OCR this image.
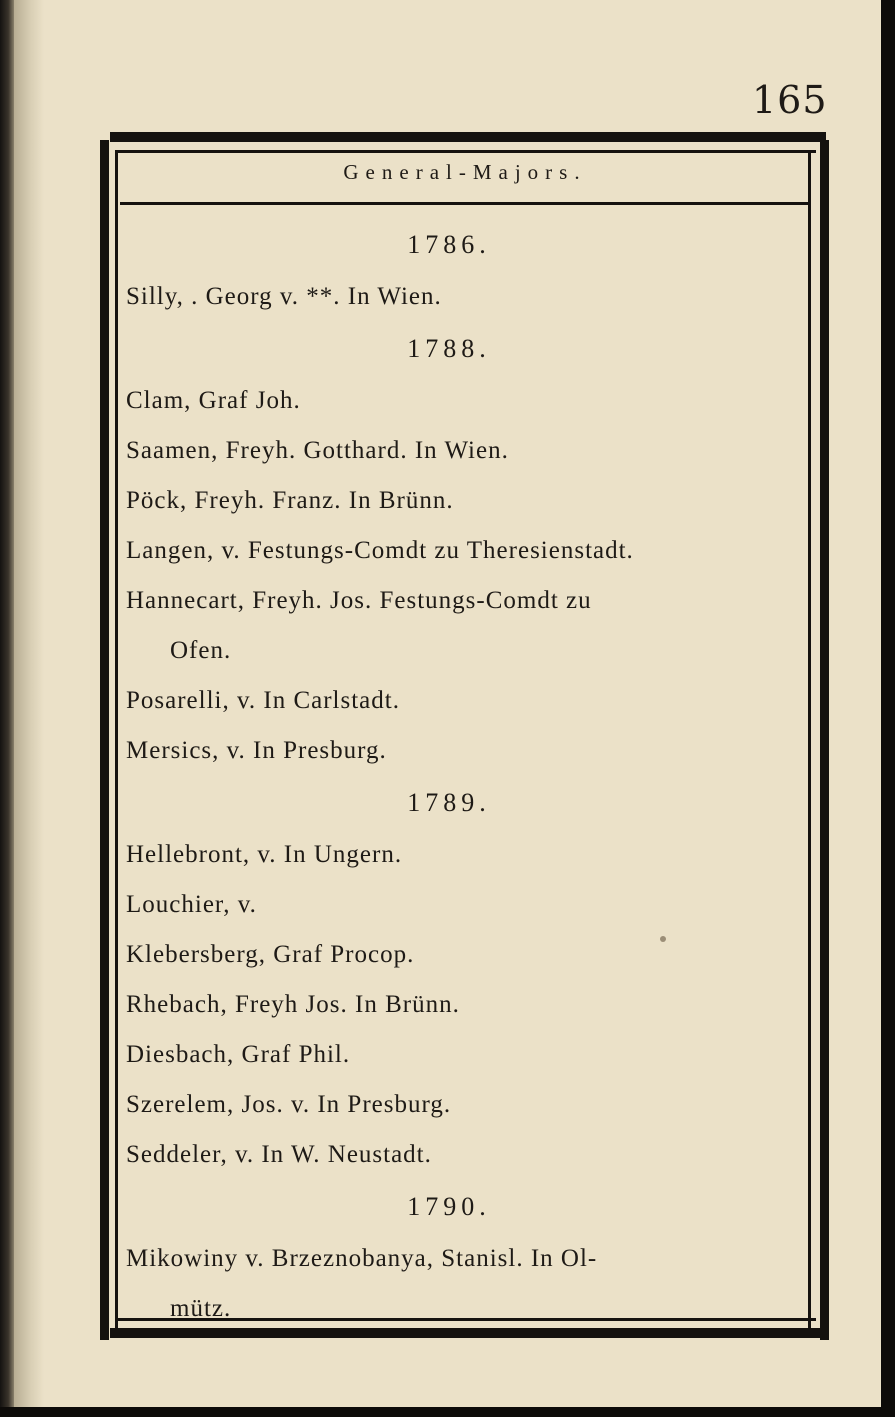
165
General-Majors.
1786.
Silly, . Georg v. **. In Wien.
1788.
Clam, Graf Joh.
Saamen, Freyh. Gotthard. In Wien.
Pöck, Freyh. Franz. In Brünn.
Langen, v. Festungs-Comdt zu Theresienstadt.
Hannecart, Freyh. Jos. Festungs-Comdt zu
Ofen.
Posarelli, v. In Carlstadt.
Mersics, v. In Presburg.
1789.
Hellebront, v. In Ungern.
Louchier, v.
Klebersberg, Graf Procop.
Rhebach, Freyh Jos. In Brünn.
Diesbach, Graf Phil.
Szerelem, Jos. v. In Presburg.
Seddeler, v. In W. Neustadt.
1790.
Mikowiny v. Brzeznobanya, Stanisl. In Ol-
mütz.
